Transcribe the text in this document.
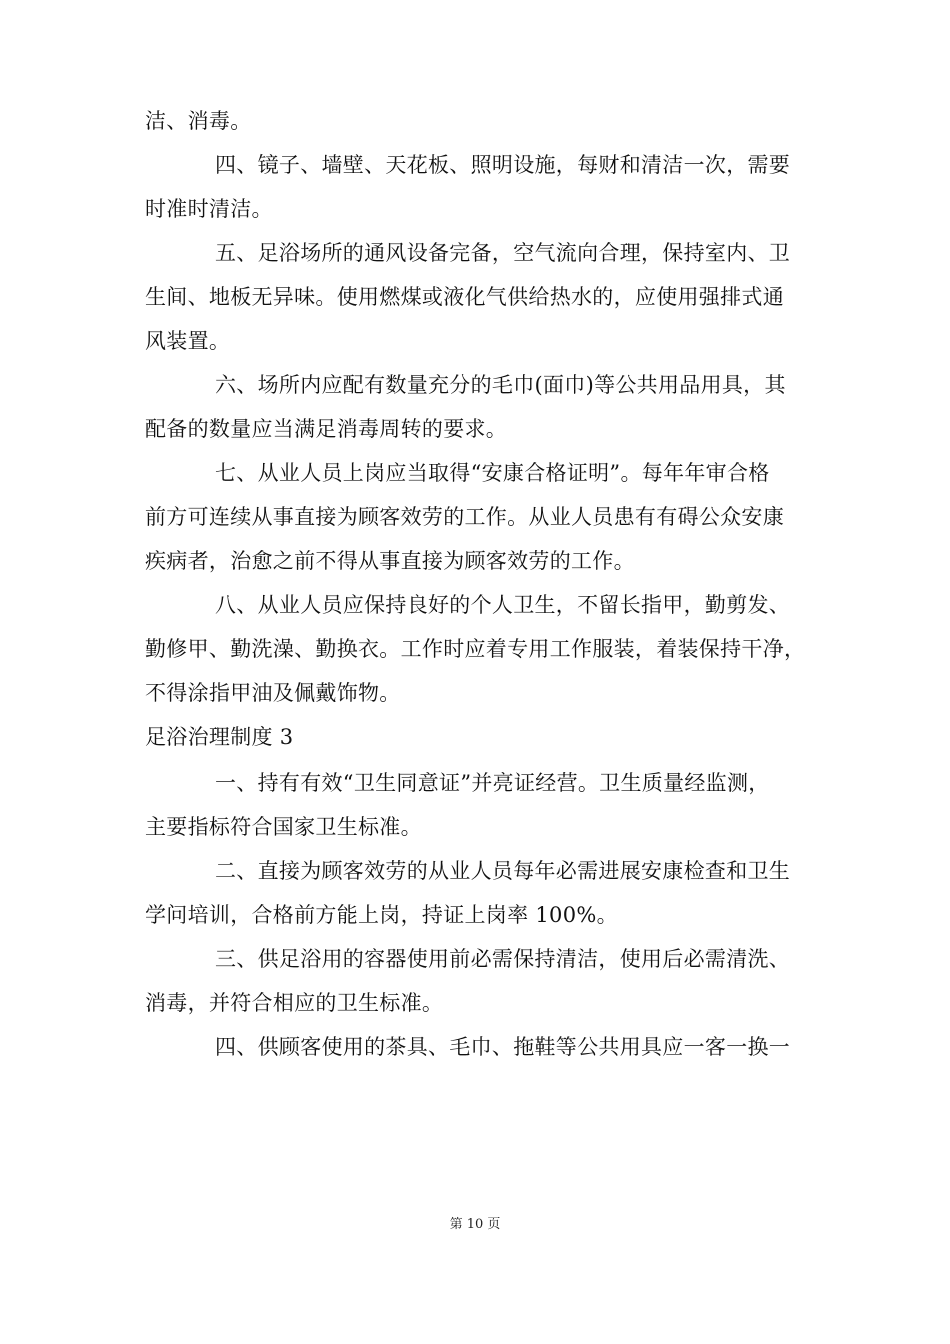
洁、消毒。
四、镜子、墙壁、天花板、照明设施，每财和清洁一次，需要
时准时清洁。
五、足浴场所的通风设备完备，空气流向合理，保持室内、卫
生间、地板无异味。使用燃煤或液化气供给热水的，应使用强排式通
风装置。
六、场所内应配有数量充分的毛巾(面巾)等公共用品用具，其
配备的数量应当满足消毒周转的要求。
七、从业人员上岗应当取得“安康合格证明”。每年年审合格
前方可连续从事直接为顾客效劳的工作。从业人员患有有碍公众安康
疾病者，治愈之前不得从事直接为顾客效劳的工作。
八、从业人员应保持良好的个人卫生，不留长指甲，勤剪发、
勤修甲、勤洗澡、勤换衣。工作时应着专用工作服装，着装保持干净，
不得涂指甲油及佩戴饰物。
足浴治理制度 3
一、持有有效“卫生同意证”并亮证经营。卫生质量经监测，
主要指标符合国家卫生标准。
二、直接为顾客效劳的从业人员每年必需进展安康检查和卫生
学问培训，合格前方能上岗，持证上岗率 100%。
三、供足浴用的容器使用前必需保持清洁，使用后必需清洗、
消毒，并符合相应的卫生标准。
四、供顾客使用的茶具、毛巾、拖鞋等公共用具应一客一换一
第 10 页
